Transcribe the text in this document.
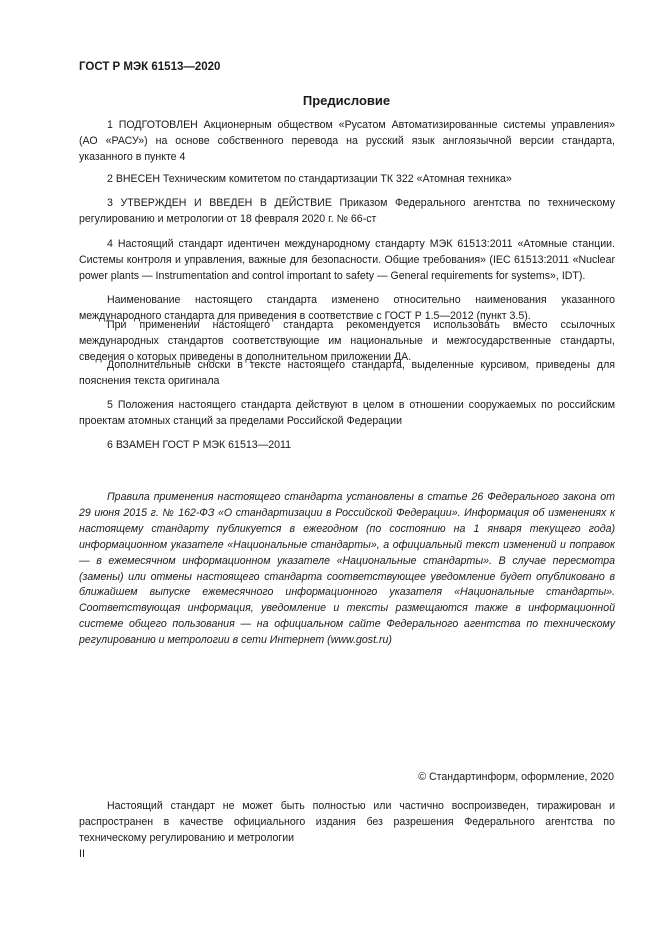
ГОСТ Р МЭК 61513—2020
Предисловие

1 ПОДГОТОВЛЕН Акционерным обществом «Русатом Автоматизированные системы управления» (АО «РАСУ») на основе собственного перевода на русский язык англоязычной версии стандарта, указанного в пункте 4

2 ВНЕСЕН Техническим комитетом по стандартизации ТК 322 «Атомная техника»

3 УТВЕРЖДЕН И ВВЕДЕН В ДЕЙСТВИЕ Приказом Федерального агентства по техническому регулированию и метрологии от 18 февраля 2020 г. № 66-ст

4 Настоящий стандарт идентичен международному стандарту МЭК 61513:2011 «Атомные станции. Системы контроля и управления, важные для безопасности. Общие требования» (IEC 61513:2011 «Nuclear power plants — Instrumentation and control important to safety — General requirements for systems», IDT).

Наименование настоящего стандарта изменено относительно наименования указанного международного стандарта для приведения в соответствие с ГОСТ Р 1.5—2012 (пункт 3.5).

При применении настоящего стандарта рекомендуется использовать вместо ссылочных международных стандартов соответствующие им национальные и межгосударственные стандарты, сведения о которых приведены в дополнительном приложении ДА.

Дополнительные сноски в тексте настоящего стандарта, выделенные курсивом, приведены для пояснения текста оригинала

5 Положения настоящего стандарта действуют в целом в отношении сооружаемых по российским проектам атомных станций за пределами Российской Федерации

6 ВЗАМЕН ГОСТ Р МЭК 61513—2011

Правила применения настоящего стандарта установлены в статье 26 Федерального закона от 29 июня 2015 г. № 162-ФЗ «О стандартизации в Российской Федерации». Информация об изменениях к настоящему стандарту публикуется в ежегодном (по состоянию на 1 января текущего года) информационном указателе «Национальные стандарты», а официальный текст изменений и поправок — в ежемесячном информационном указателе «Национальные стандарты». В случае пересмотра (замены) или отмены настоящего стандарта соответствующее уведомление будет опубликовано в ближайшем выпуске ежемесячного информационного указателя «Национальные стандарты». Соответствующая информация, уведомление и тексты размещаются также в информационной системе общего пользования — на официальном сайте Федерального агентства по техническому регулированию и метрологии в сети Интернет (www.gost.ru)

© Стандартинформ, оформление, 2020

Настоящий стандарт не может быть полностью или частично воспроизведен, тиражирован и распространен в качестве официального издания без разрешения Федерального агентства по техническому регулированию и метрологии

II
